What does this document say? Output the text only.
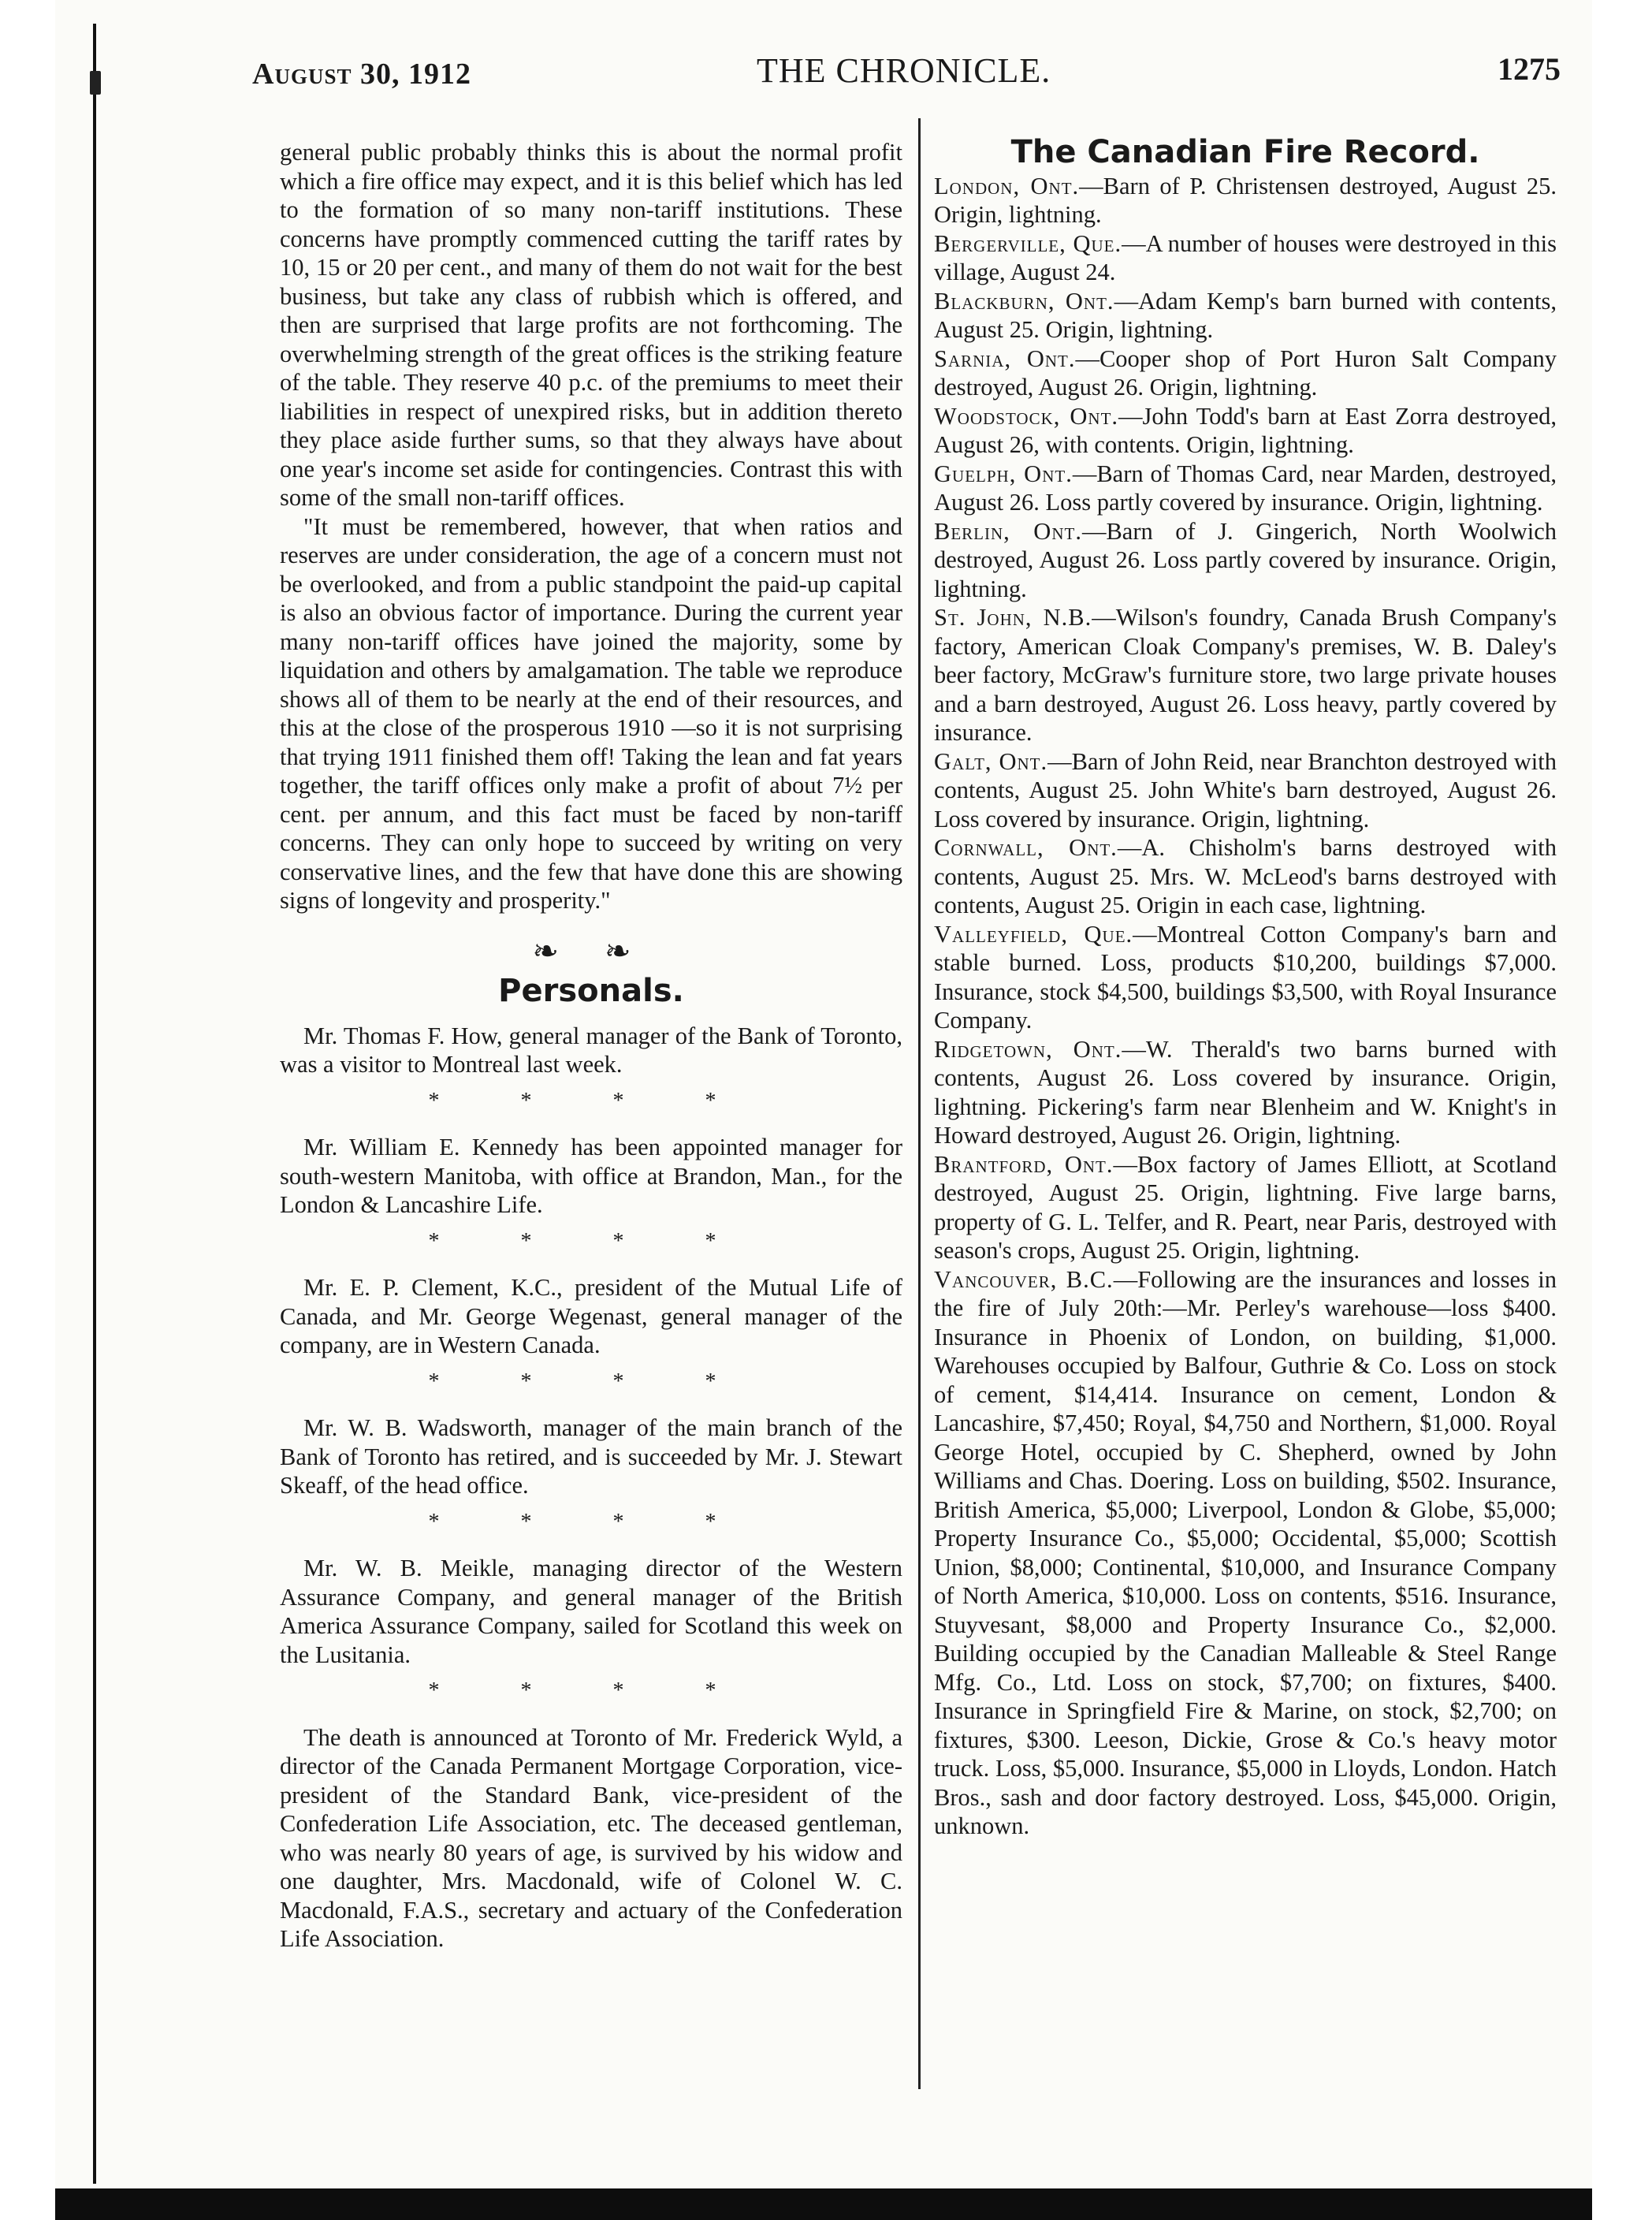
August 30, 1912	THE CHRONICLE.	1275

general public probably thinks this is about the normal profit which a fire office may expect, and it is this belief which has led to the formation of so many non-tariff institutions. These concerns have promptly commenced cutting the tariff rates by 10, 15 or 20 per cent., and many of them do not wait for the best business, but take any class of rubbish which is offered, and then are surprised that large profits are not forthcoming. The overwhelming strength of the great offices is the striking feature of the table. They reserve 40 p.c. of the premiums to meet their liabilities in respect of unexpired risks, but in addition thereto they place aside further sums, so that they always have about one year's income set aside for contingencies. Contrast this with some of the small non-tariff offices.

"It must be remembered, however, that when ratios and reserves are under consideration, the age of a concern must not be overlooked, and from a public standpoint the paid-up capital is also an obvious factor of importance. During the current year many non-tariff offices have joined the majority, some by liquidation and others by amalgamation. The table we reproduce shows all of them to be nearly at the end of their resources, and this at the close of the prosperous 1910 —so it is not surprising that trying 1911 finished them off! Taking the lean and fat years together, the tariff offices only make a profit of about 7½ per cent. per annum, and this fact must be faced by non-tariff concerns. They can only hope to succeed by writing on very conservative lines, and the few that have done this are showing signs of longevity and prosperity."

❧ ❧
Personals.

Mr. Thomas F. How, general manager of the Bank of Toronto, was a visitor to Montreal last week.

* * * *

Mr. William E. Kennedy has been appointed manager for south-western Manitoba, with office at Brandon, Man., for the London & Lancashire Life.

* * * *

Mr. E. P. Clement, K.C., president of the Mutual Life of Canada, and Mr. George Wegenast, general manager of the company, are in Western Canada.

* * * *

Mr. W. B. Wadsworth, manager of the main branch of the Bank of Toronto has retired, and is succeeded by Mr. J. Stewart Skeaff, of the head office.

* * * *

Mr. W. B. Meikle, managing director of the Western Assurance Company, and general manager of the British America Assurance Company, sailed for Scotland this week on the Lusitania.

* * * *

The death is announced at Toronto of Mr. Frederick Wyld, a director of the Canada Permanent Mortgage Corporation, vice-president of the Standard Bank, vice-president of the Confederation Life Association, etc. The deceased gentleman, who was nearly 80 years of age, is survived by his widow and one daughter, Mrs. Macdonald, wife of Colonel W. C. Macdonald, F.A.S., secretary and actuary of the Confederation Life Association.

The Canadian Fire Record.

London, Ont.—Barn of P. Christensen destroyed, August 25. Origin, lightning.

Bergerville, Que.—A number of houses were destroyed in this village, August 24.

Blackburn, Ont.—Adam Kemp's barn burned with contents, August 25. Origin, lightning.

Sarnia, Ont.—Cooper shop of Port Huron Salt Company destroyed, August 26. Origin, lightning.

Woodstock, Ont.—John Todd's barn at East Zorra destroyed, August 26, with contents. Origin, lightning.

Guelph, Ont.—Barn of Thomas Card, near Marden, destroyed, August 26. Loss partly covered by insurance. Origin, lightning.

Berlin, Ont.—Barn of J. Gingerich, North Woolwich destroyed, August 26. Loss partly covered by insurance. Origin, lightning.

St. John, N.B.—Wilson's foundry, Canada Brush Company's factory, American Cloak Company's premises, W. B. Daley's beer factory, McGraw's furniture store, two large private houses and a barn destroyed, August 26. Loss heavy, partly covered by insurance.

Galt, Ont.—Barn of John Reid, near Branchton destroyed with contents, August 25. John White's barn destroyed, August 26. Loss covered by insurance. Origin, lightning.

Cornwall, Ont.—A. Chisholm's barns destroyed with contents, August 25. Mrs. W. McLeod's barns destroyed with contents, August 25. Origin in each case, lightning.

Valleyfield, Que.—Montreal Cotton Company's barn and stable burned. Loss, products $10,200, buildings $7,000. Insurance, stock $4,500, buildings $3,500, with Royal Insurance Company.

Ridgetown, Ont.—W. Therald's two barns burned with contents, August 26. Loss covered by insurance. Origin, lightning. Pickering's farm near Blenheim and W. Knight's in Howard destroyed, August 26. Origin, lightning.

Brantford, Ont.—Box factory of James Elliott, at Scotland destroyed, August 25. Origin, lightning. Five large barns, property of G. L. Telfer, and R. Peart, near Paris, destroyed with season's crops, August 25. Origin, lightning.

Vancouver, B.C.—Following are the insurances and losses in the fire of July 20th:—Mr. Perley's warehouse—loss $400. Insurance in Phoenix of London, on building, $1,000. Warehouses occupied by Balfour, Guthrie & Co. Loss on stock of cement, $14,414. Insurance on cement, London & Lancashire, $7,450; Royal, $4,750 and Northern, $1,000. Royal George Hotel, occupied by C. Shepherd, owned by John Williams and Chas. Doering. Loss on building, $502. Insurance, British America, $5,000; Liverpool, London & Globe, $5,000; Property Insurance Co., $5,000; Occidental, $5,000; Scottish Union, $8,000; Continental, $10,000, and Insurance Company of North America, $10,000. Loss on contents, $516. Insurance, Stuyvesant, $8,000 and Property Insurance Co., $2,000. Building occupied by the Canadian Malleable & Steel Range Mfg. Co., Ltd. Loss on stock, $7,700; on fixtures, $400. Insurance in Springfield Fire & Marine, on stock, $2,700; on fixtures, $300. Leeson, Dickie, Grose & Co.'s heavy motor truck. Loss, $5,000. Insurance, $5,000 in Lloyds, London. Hatch Bros., sash and door factory destroyed. Loss, $45,000. Origin, unknown.
